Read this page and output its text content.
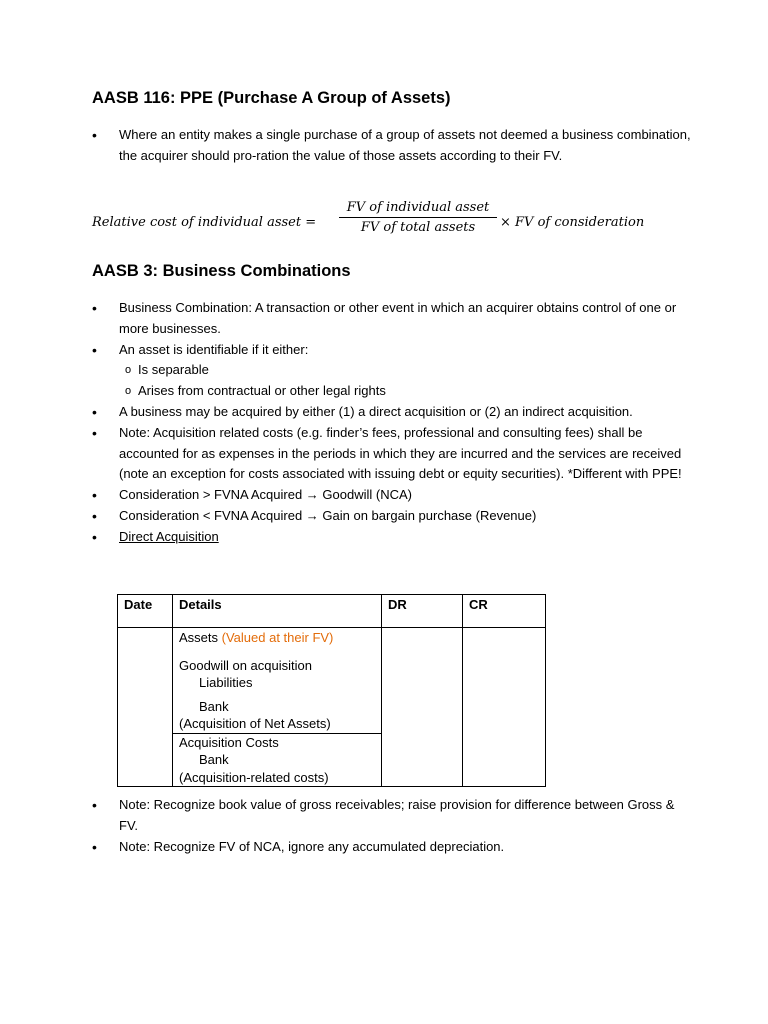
AASB 116: PPE (Purchase A Group of Assets)
• Where an entity makes a single purchase of a group of assets not deemed a business combination, the acquirer should pro-ration the value of those assets according to their FV.
Relative cost of individual asset =
FV of individual asset
FV of total assets	× FV of consideration
AASB 3: Business Combinations
• Business Combination: A transaction or other event in which an acquirer obtains control of one or more businesses.
• An asset is identifiable if it either:
o Is separable
o Arises from contractual or other legal rights
• A business may be acquired by either (1) a direct acquisition or (2) an indirect acquisition.
• Note: Acquisition related costs (e.g. finder’s fees, professional and consulting fees) shall be accounted for as expenses in the periods in which they are incurred and the services are received (note an exception for costs associated with issuing debt or equity securities). *Different with PPE!
• Consideration > FVNA Acquired → Goodwill (NCA)
• Consideration < FVNA Acquired → Gain on bargain purchase (Revenue)
• Direct Acquisition
Date	Details	DR	CR

	Assets (Valued at their FV)
Goodwill on acquisition
Liabilities
Bank
(Acquisition of Net Assets)		

	Acquisition Costs
Bank
(Acquisition-related costs)		
• Note: Recognize book value of gross receivables; raise provision for difference between Gross & FV.
• Note: Recognize FV of NCA, ignore any accumulated depreciation.
